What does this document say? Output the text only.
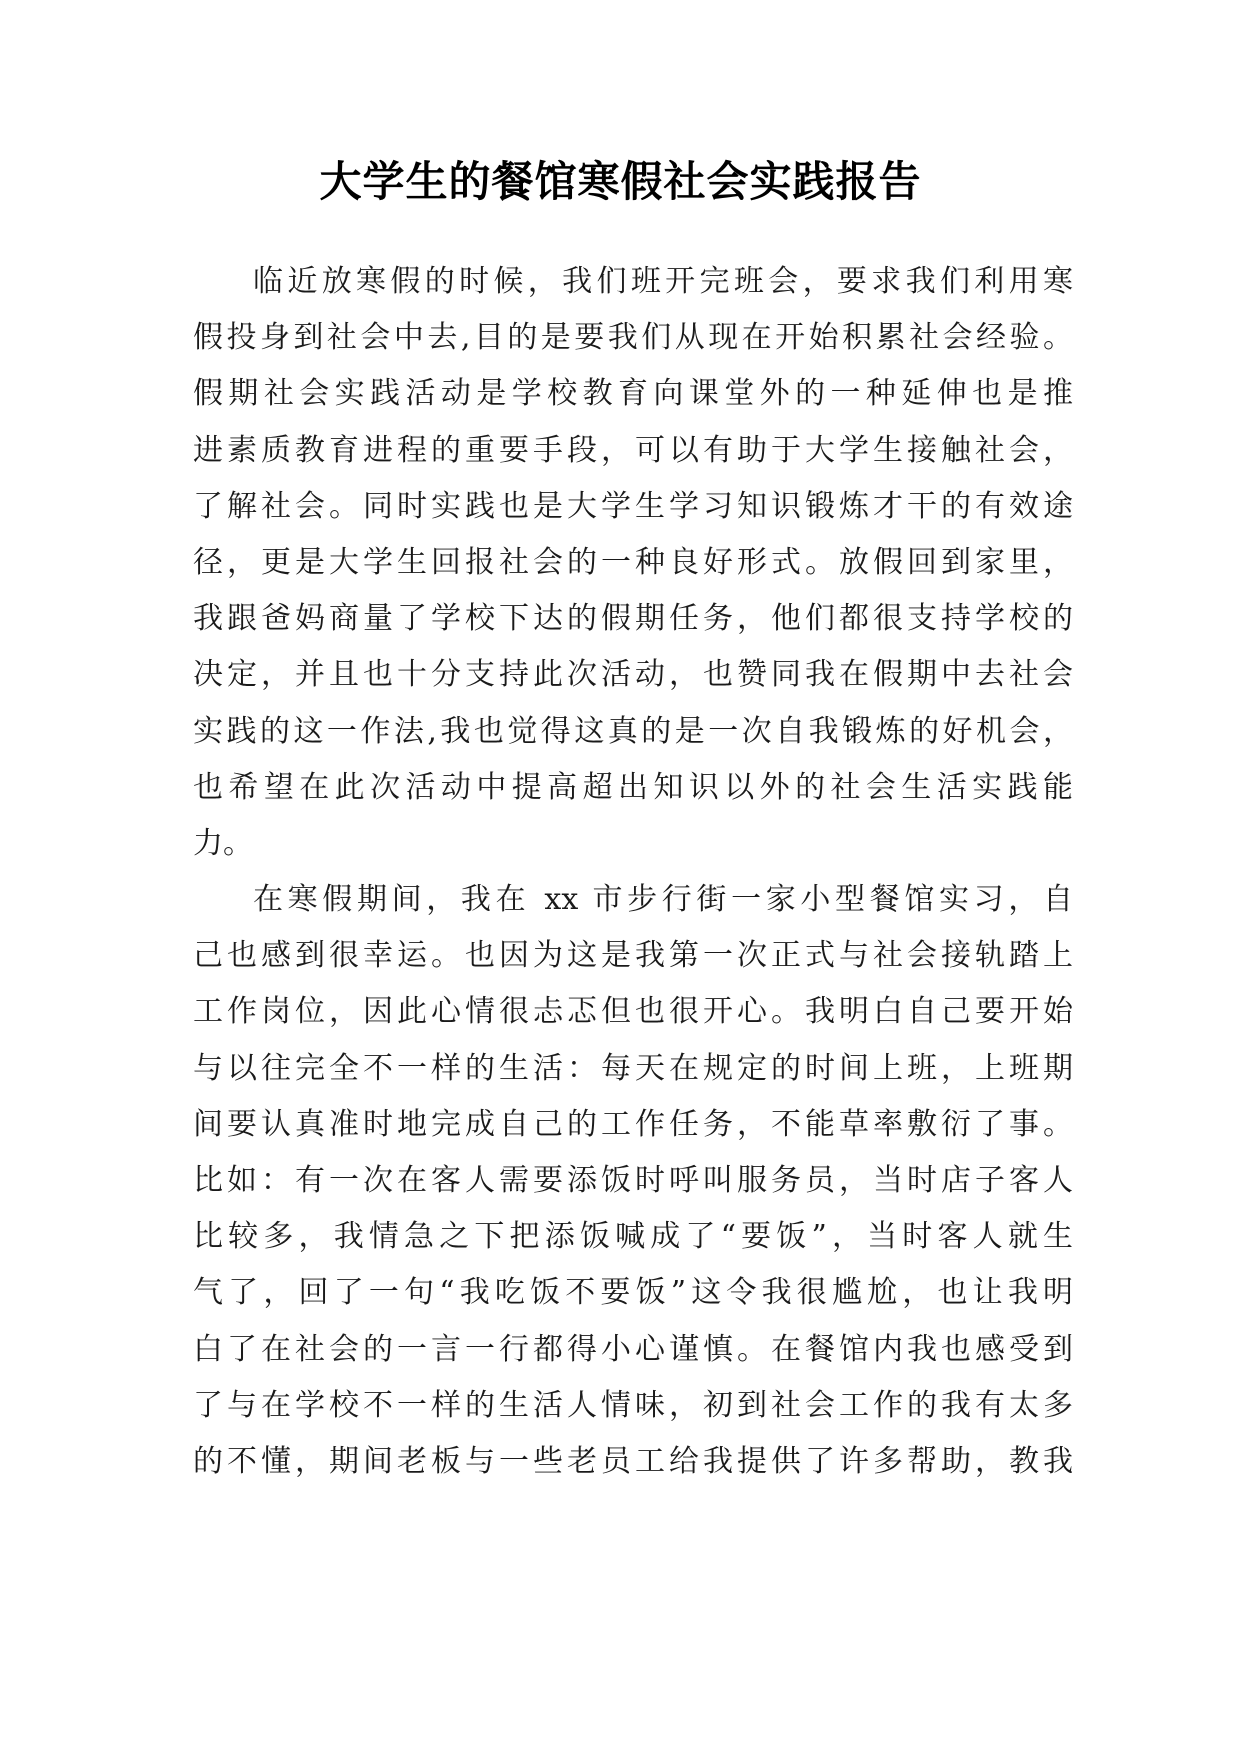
大学生的餐馆寒假社会实践报告
临近放寒假的时候，我们班开完班会，要求我们利用寒
假投身到社会中去,目的是要我们从现在开始积累社会经验。
假期社会实践活动是学校教育向课堂外的一种延伸也是推
进素质教育进程的重要手段，可以有助于大学生接触社会，
了解社会。同时实践也是大学生学习知识锻炼才干的有效途
径，更是大学生回报社会的一种良好形式。放假回到家里，
我跟爸妈商量了学校下达的假期任务，他们都很支持学校的
决定，并且也十分支持此次活动，也赞同我在假期中去社会
实践的这一作法,我也觉得这真的是一次自我锻炼的好机会，
也希望在此次活动中提高超出知识以外的社会生活实践能
力。
在寒假期间，我在 xx 市步行街一家小型餐馆实习，自
己也感到很幸运。也因为这是我第一次正式与社会接轨踏上
工作岗位，因此心情很忐忑但也很开心。我明白自己要开始
与以往完全不一样的生活：每天在规定的时间上班，上班期
间要认真准时地完成自己的工作任务，不能草率敷衍了事。
比如：有一次在客人需要添饭时呼叫服务员，当时店子客人
比较多，我情急之下把添饭喊成了“要饭”，当时客人就生
气了，回了一句“我吃饭不要饭”这令我很尴尬，也让我明
白了在社会的一言一行都得小心谨慎。在餐馆内我也感受到
了与在学校不一样的生活人情味，初到社会工作的我有太多
的不懂，期间老板与一些老员工给我提供了许多帮助，教我
